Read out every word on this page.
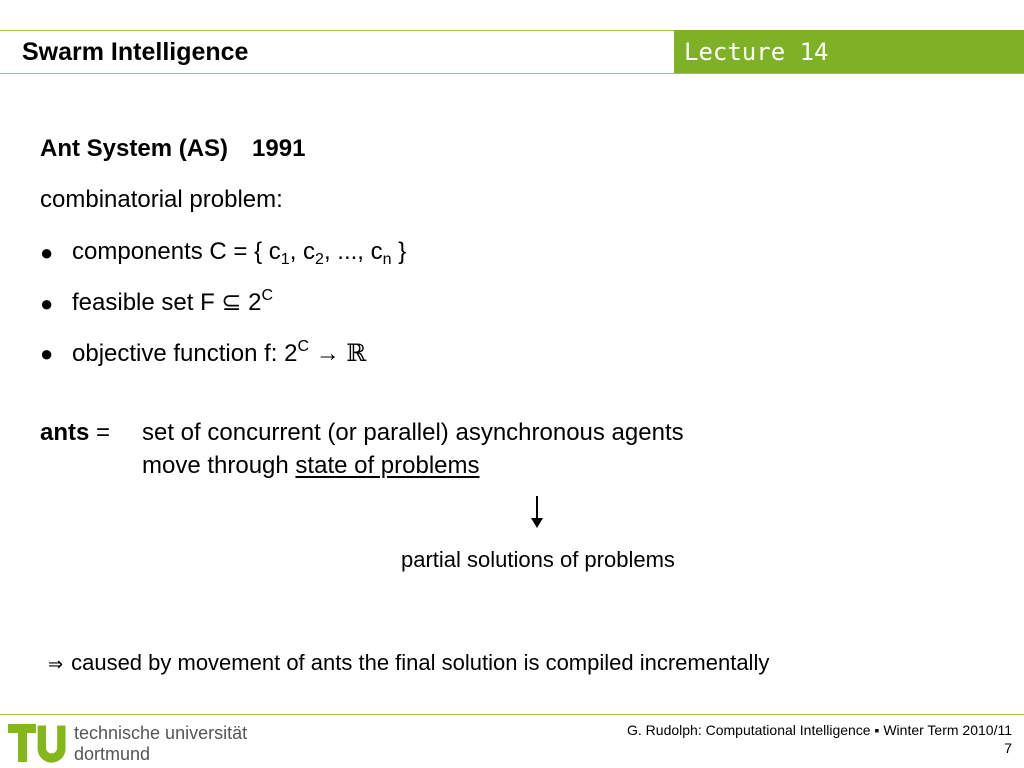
Swarm Intelligence	Lecture 14
Ant System (AS) 1991
combinatorial problem:
● components C = { $c_1$, $c_2$, ..., $c_n$ }
● feasible set F ⊆ $2^C$
● objective function f: $2^C$ → ℝ
ants = set of concurrent (or parallel) asynchronous agents
move through state of problems
partial solutions of problems
⇒ caused by movement of ants the final solution is compiled incrementally
technische universität
dortmund
G. Rudolph: Computational Intelligence ▪ Winter Term 2010/11
7
